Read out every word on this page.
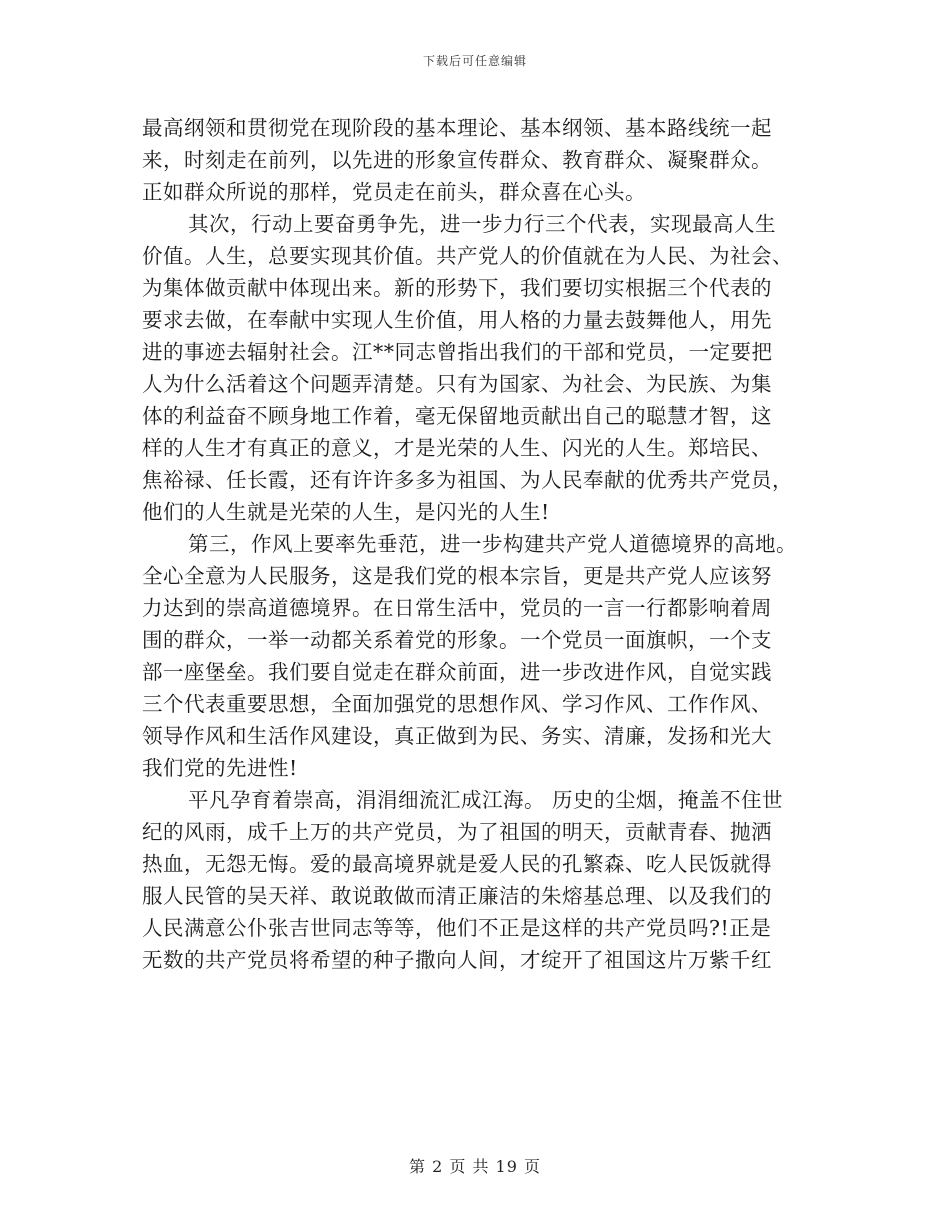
下载后可任意编辑
最高纲领和贯彻党在现阶段的基本理论、基本纲领、基本路线统一起
来，时刻走在前列，以先进的形象宣传群众、教育群众、凝聚群众。
正如群众所说的那样，党员走在前头，群众喜在心头。
其次，行动上要奋勇争先，进一步力行三个代表，实现最高人生
价值。人生，总要实现其价值。共产党人的价值就在为人民、为社会、
为集体做贡献中体现出来。新的形势下，我们要切实根据三个代表的
要求去做，在奉献中实现人生价值，用人格的力量去鼓舞他人，用先
进的事迹去辐射社会。江**同志曾指出我们的干部和党员，一定要把
人为什么活着这个问题弄清楚。只有为国家、为社会、为民族、为集
体的利益奋不顾身地工作着，毫无保留地贡献出自己的聪慧才智，这
样的人生才有真正的意义，才是光荣的人生、闪光的人生。郑培民、
焦裕禄、任长霞，还有许许多多为祖国、为人民奉献的优秀共产党员，
他们的人生就是光荣的人生，是闪光的人生!
第三，作风上要率先垂范，进一步构建共产党人道德境界的高地。
全心全意为人民服务，这是我们党的根本宗旨，更是共产党人应该努
力达到的崇高道德境界。在日常生活中，党员的一言一行都影响着周
围的群众，一举一动都关系着党的形象。一个党员一面旗帜，一个支
部一座堡垒。我们要自觉走在群众前面，进一步改进作风，自觉实践
三个代表重要思想，全面加强党的思想作风、学习作风、工作作风、
领导作风和生活作风建设，真正做到为民、务实、清廉，发扬和光大
我们党的先进性!
平凡孕育着崇高，涓涓细流汇成江海。 历史的尘烟，掩盖不住世
纪的风雨，成千上万的共产党员，为了祖国的明天，贡献青春、抛洒
热血，无怨无悔。爱的最高境界就是爱人民的孔繁森、吃人民饭就得
服人民管的吴天祥、敢说敢做而清正廉洁的朱熔基总理、以及我们的
人民满意公仆张吉世同志等等，他们不正是这样的共产党员吗?!正是
无数的共产党员将希望的种子撒向人间，才绽开了祖国这片万紫千红
第 2 页 共 19 页
